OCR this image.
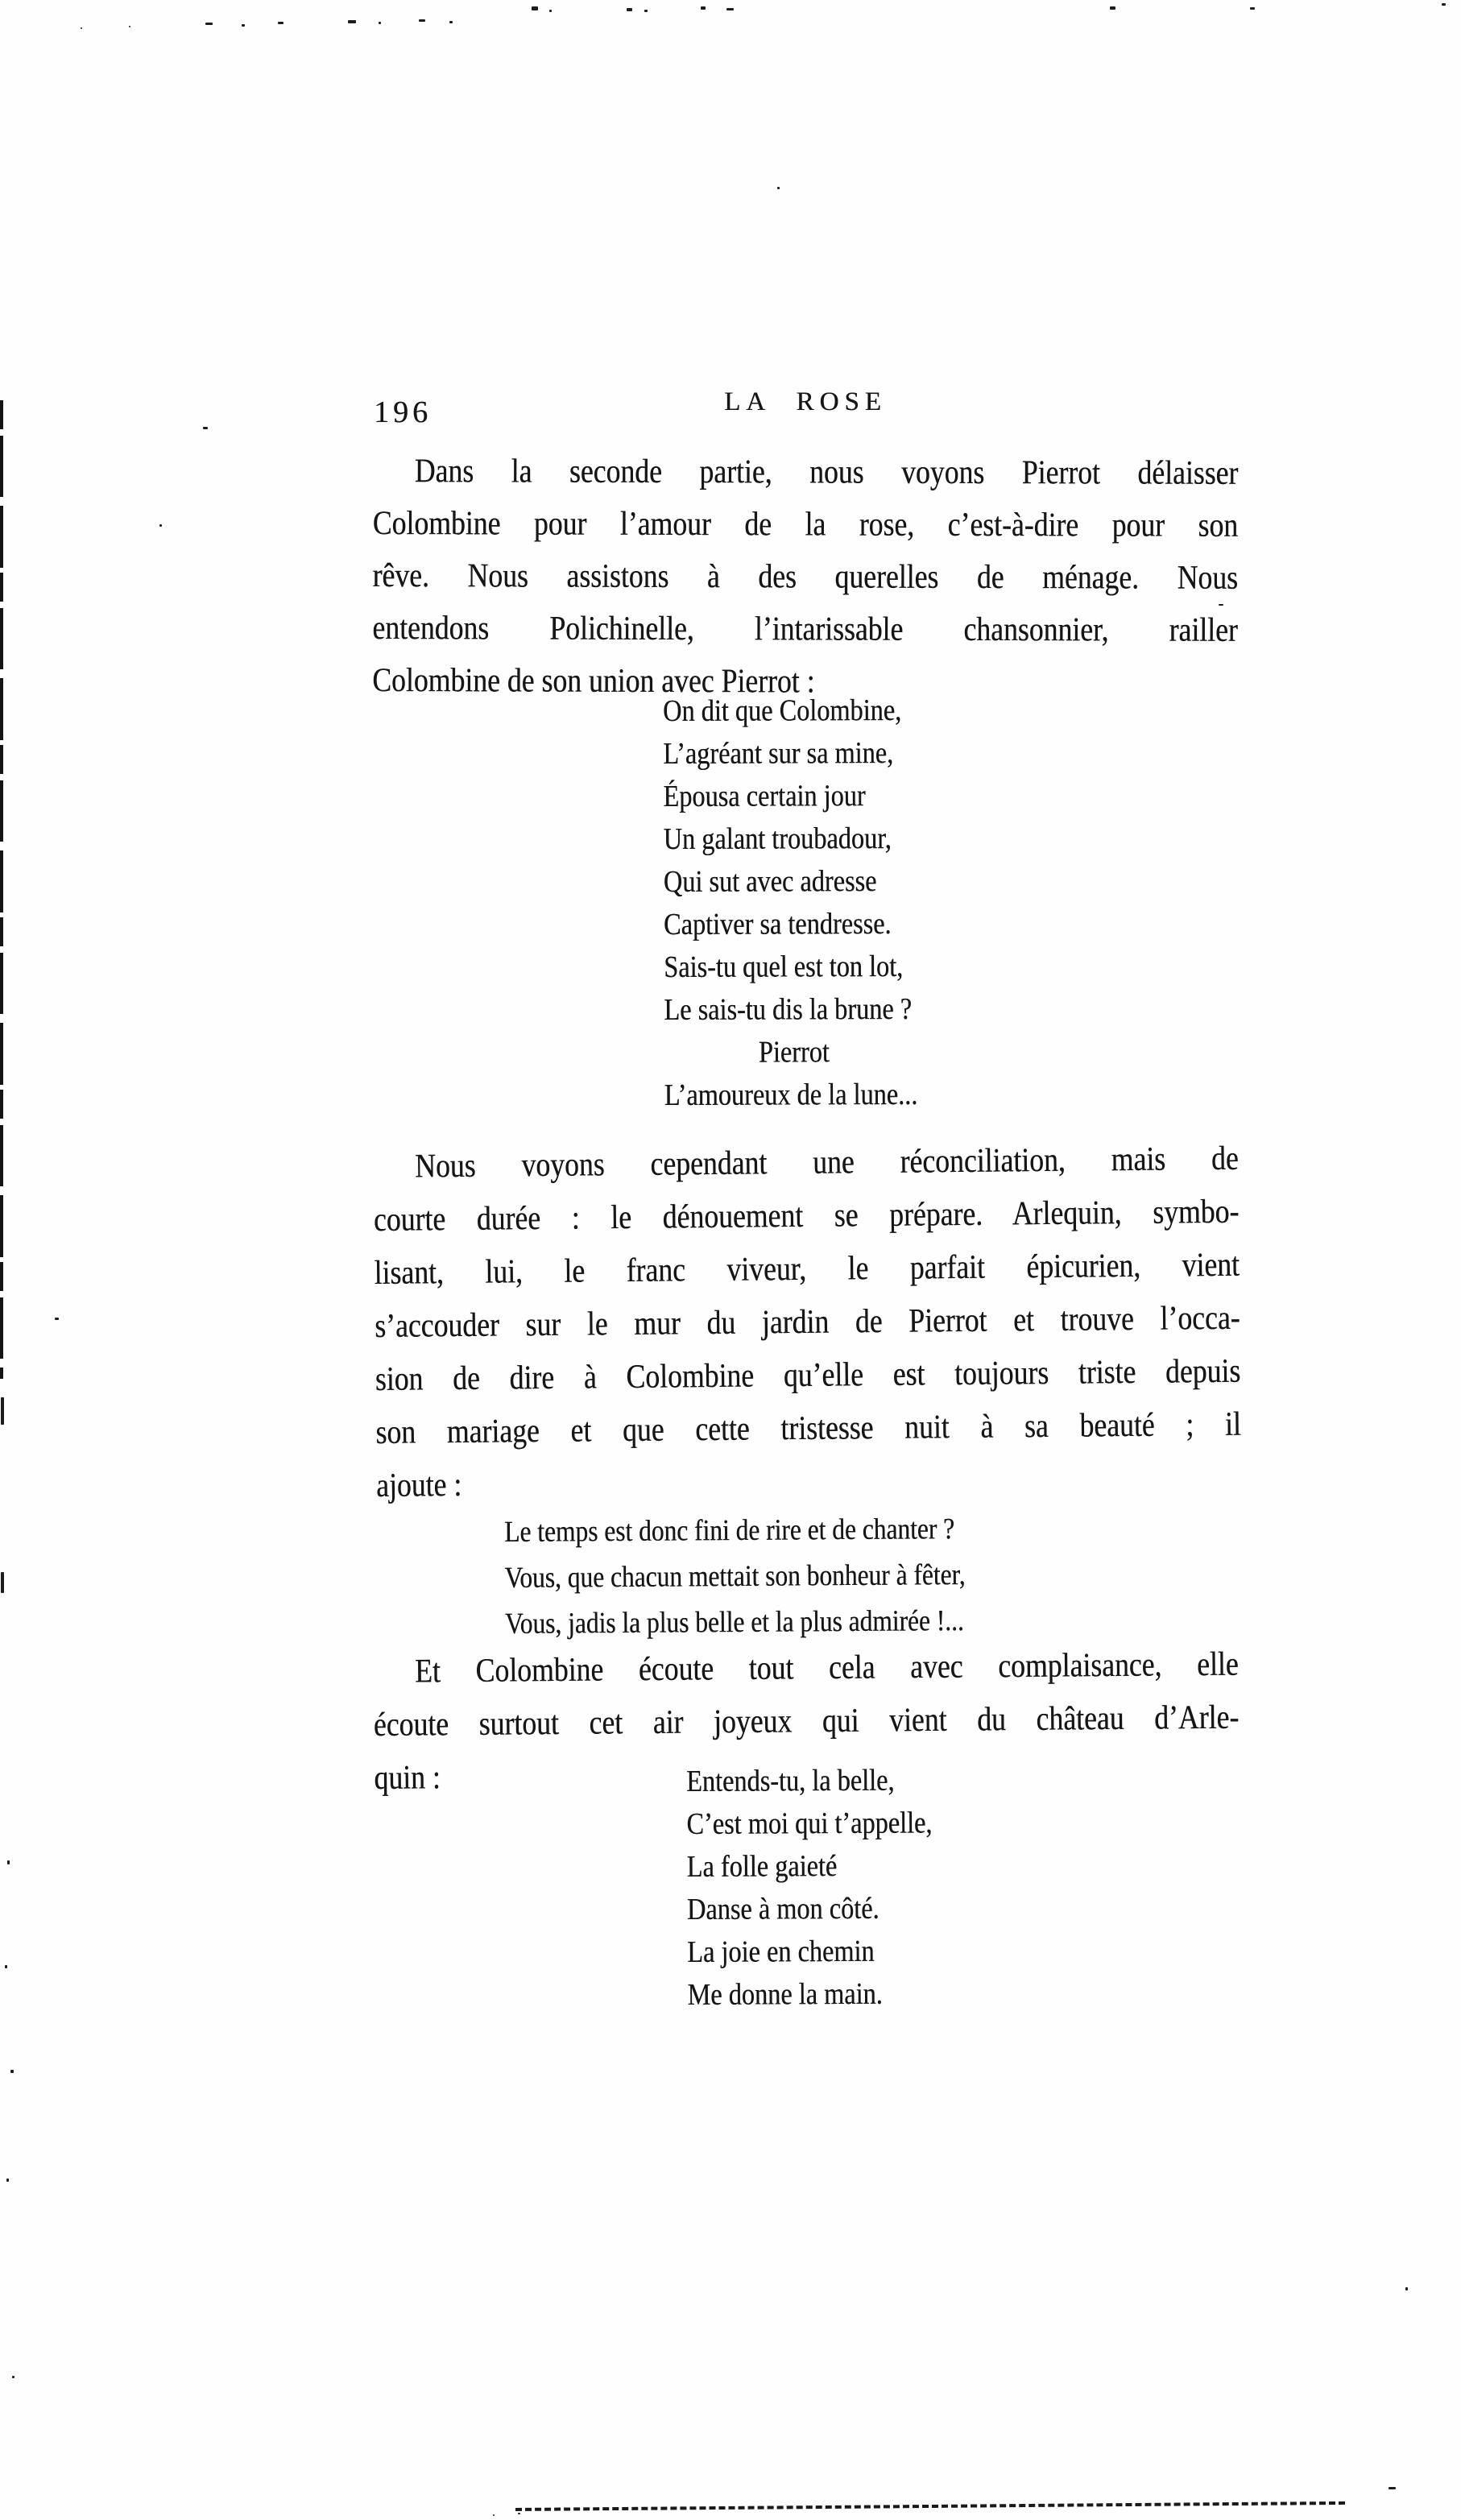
196	LA ROSE
Dans la seconde partie, nous voyons Pierrot délaisser
Colombine pour l’amour de la rose, c’est-à-dire pour son
rêve. Nous assistons à des querelles de ménage. Nous
entendons Polichinelle, l’intarissable chansonnier, railler
Colombine de son union avec Pierrot :
On dit que Colombine,
L’agréant sur sa mine,
Épousa certain jour
Un galant troubadour,
Qui sut avec adresse
Captiver sa tendresse.
Sais-tu quel est ton lot,
Le sais-tu dis la brune ?
Pierrot
L’amoureux de la lune...
Nous voyons cependant une réconciliation, mais de
courte durée : le dénouement se prépare. Arlequin, symbo-
lisant, lui, le franc viveur, le parfait épicurien, vient
s’accouder sur le mur du jardin de Pierrot et trouve l’occa-
sion de dire à Colombine qu’elle est toujours triste depuis
son mariage et que cette tristesse nuit à sa beauté ; il
ajoute :
Le temps est donc fini de rire et de chanter ?
Vous, que chacun mettait son bonheur à fêter,
Vous, jadis la plus belle et la plus admirée !...
Et Colombine écoute tout cela avec complaisance, elle
écoute surtout cet air joyeux qui vient du château d’Arle-
quin :	Entends-tu, la belle,
C’est moi qui t’appelle,
La folle gaieté
Danse à mon côté.
La joie en chemin
Me donne la main.
